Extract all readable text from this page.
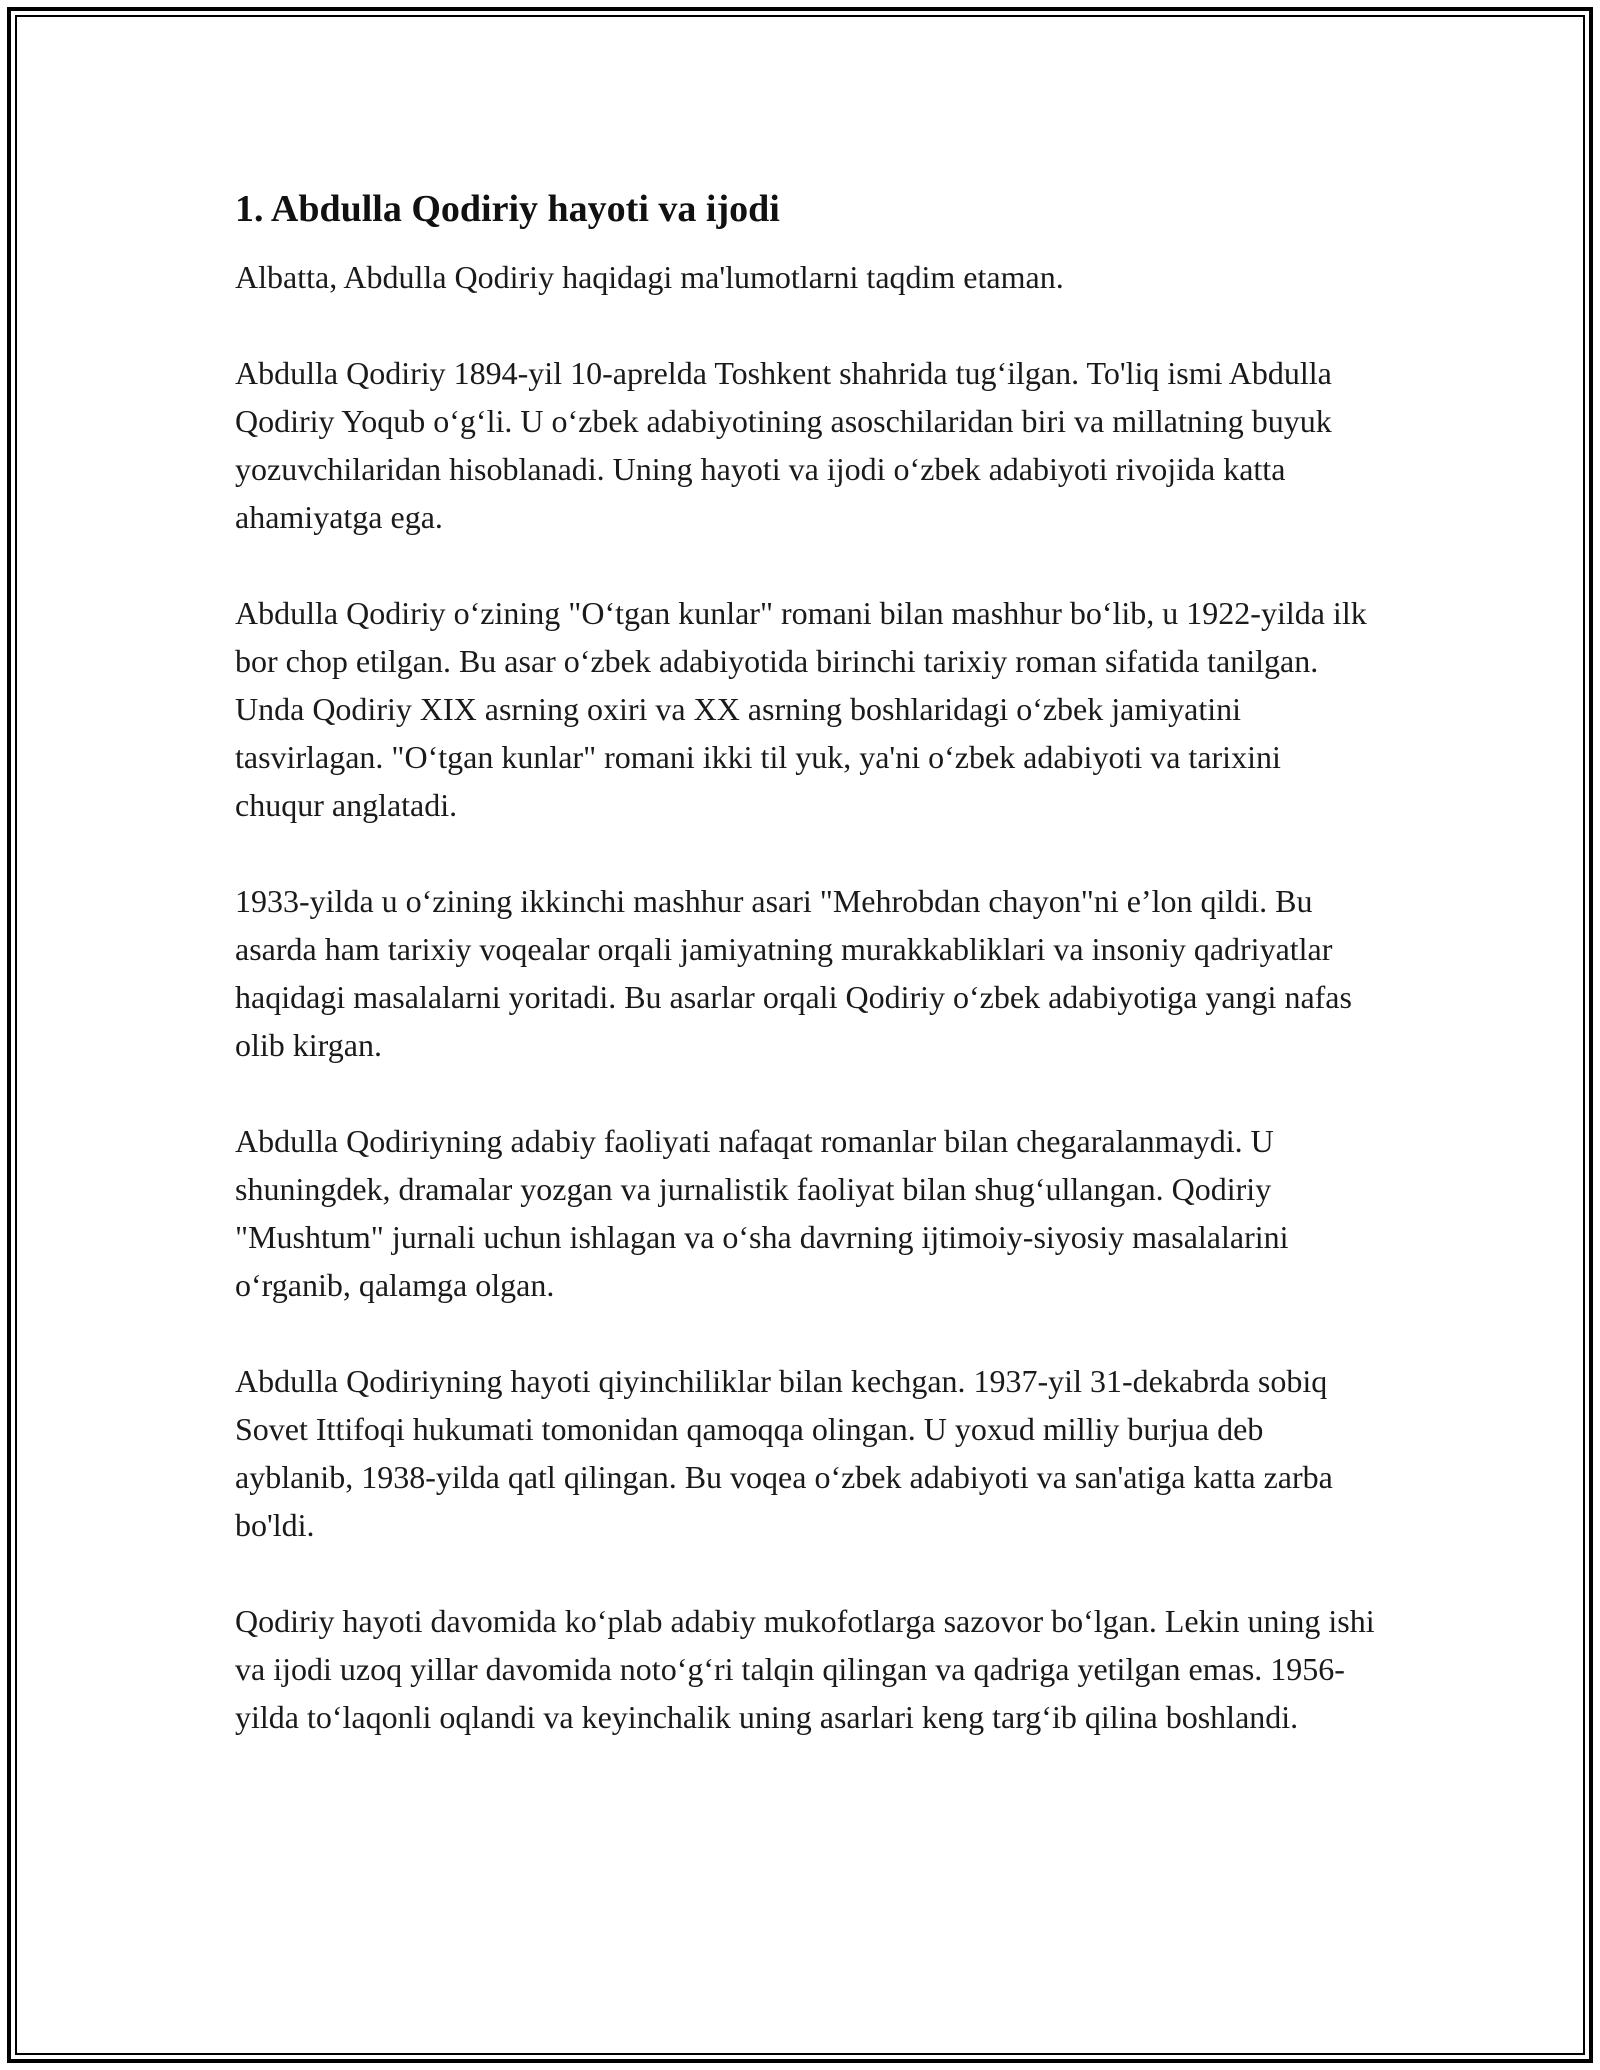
1. Abdulla Qodiriy hayoti va ijodi

Albatta, Abdulla Qodiriy haqidagi ma'lumotlarni taqdim etaman.

Abdulla Qodiriy 1894-yil 10-aprelda Toshkent shahrida tug‘ilgan. To'liq ismi Abdulla Qodiriy Yoqub o‘g‘li. U o‘zbek adabiyotining asoschilaridan biri va millatning buyuk yozuvchilaridan hisoblanadi. Uning hayoti va ijodi o‘zbek adabiyoti rivojida katta ahamiyatga ega.

Abdulla Qodiriy o‘zining "O‘tgan kunlar" romani bilan mashhur bo‘lib, u 1922-yilda ilk bor chop etilgan. Bu asar o‘zbek adabiyotida birinchi tarixiy roman sifatida tanilgan. Unda Qodiriy XIX asrning oxiri va XX asrning boshlaridagi o‘zbek jamiyatini tasvirlagan. "O‘tgan kunlar" romani ikki til yuk, ya'ni o‘zbek adabiyoti va tarixini chuqur anglatadi.

1933-yilda u o‘zining ikkinchi mashhur asari "Mehrobdan chayon"ni e’lon qildi. Bu asarda ham tarixiy voqealar orqali jamiyatning murakkabliklari va insoniy qadriyatlar haqidagi masalalarni yoritadi. Bu asarlar orqali Qodiriy o‘zbek adabiyotiga yangi nafas olib kirgan.

Abdulla Qodiriyning adabiy faoliyati nafaqat romanlar bilan chegaralanmaydi. U shuningdek, dramalar yozgan va jurnalistik faoliyat bilan shug‘ullangan. Qodiriy "Mushtum" jurnali uchun ishlagan va o‘sha davrning ijtimoiy-siyosiy masalalarini o‘rganib, qalamga olgan.

Abdulla Qodiriyning hayoti qiyinchiliklar bilan kechgan. 1937-yil 31-dekabrda sobiq Sovet Ittifoqi hukumati tomonidan qamoqqa olingan. U yoxud milliy burjua deb ayblanib, 1938-yilda qatl qilingan. Bu voqea o‘zbek adabiyoti va san'atiga katta zarba bo'ldi.

Qodiriy hayoti davomida ko‘plab adabiy mukofotlarga sazovor bo‘lgan. Lekin uning ishi va ijodi uzoq yillar davomida noto‘g‘ri talqin qilingan va qadriga yetilgan emas. 1956-yilda to‘laqonli oqlandi va keyinchalik uning asarlari keng targ‘ib qilina boshlandi.
